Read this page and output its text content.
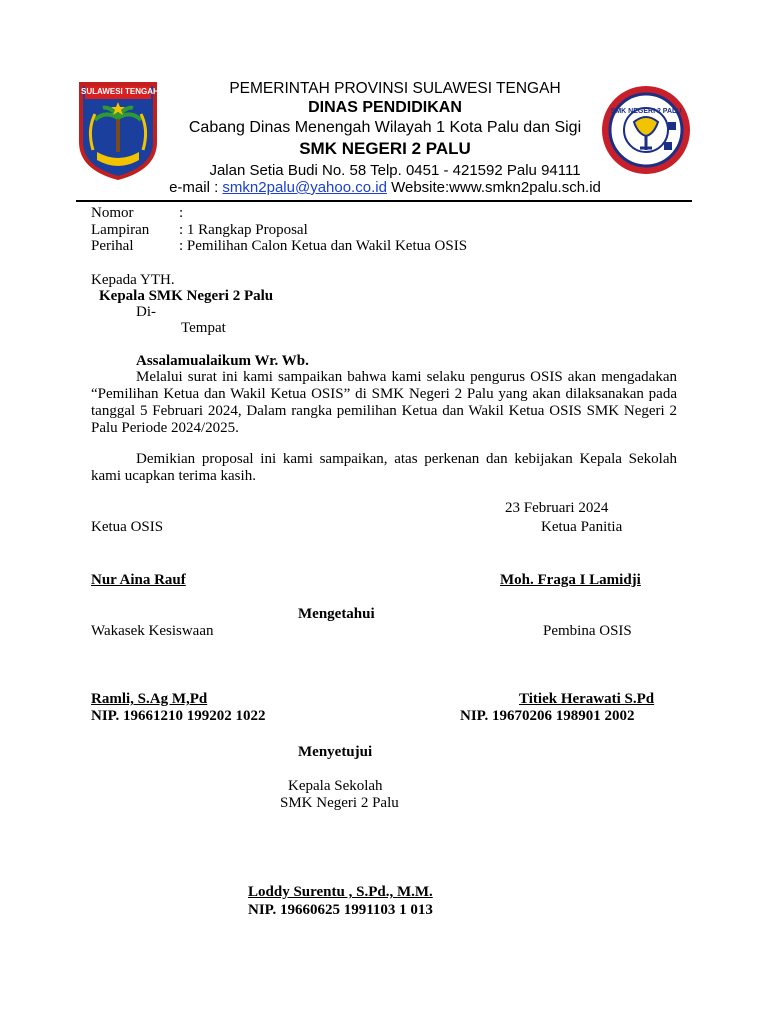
SULAWESI TENGAH
SMK NEGERI 2 PALU
PEMERINTAH PROVINSI SULAWESI TENGAH
DINAS PENDIDIKAN
Cabang Dinas Menengah Wilayah 1 Kota Palu dan Sigi
SMK NEGERI 2 PALU
Jalan Setia Budi No. 58 Telp. 0451 - 421592 Palu 94111
e-mail : smkn2palu@yahoo.co.id Website:www.smkn2palu.sch.id
Nomor	:
Lampiran : 1 Rangkap Proposal
Perihal	: Pemilihan Calon Ketua dan Wakil Ketua OSIS
Kepada YTH.
Kepala SMK Negeri 2 Palu
Di-
Tempat
Assalamualaikum Wr. Wb.
Melalui surat ini kami sampaikan bahwa kami selaku pengurus OSIS akan mengadakan “Pemilihan Ketua dan Wakil Ketua OSIS” di SMK Negeri 2 Palu yang akan dilaksanakan pada tanggal 5 Februari 2024, Dalam rangka pemilihan Ketua dan Wakil Ketua OSIS SMK Negeri 2 Palu Periode 2024/2025.
Demikian proposal ini kami sampaikan, atas perkenan dan kebijakan Kepala Sekolah kami ucapkan terima kasih.
23 Februari 2024
Ketua OSIS	Ketua Panitia
Nur Aina Rauf	Moh. Fraga I Lamidji
Mengetahui
Wakasek Kesiswaan	Pembina OSIS
Ramli, S.Ag M,Pd	Titiek Herawati S.Pd
NIP. 19661210 199202 1022	NIP. 19670206 198901 2002
Menyetujui
Kepala Sekolah
SMK Negeri 2 Palu
Loddy Surentu , S.Pd., M.M.
NIP. 19660625 1991103 1 013
